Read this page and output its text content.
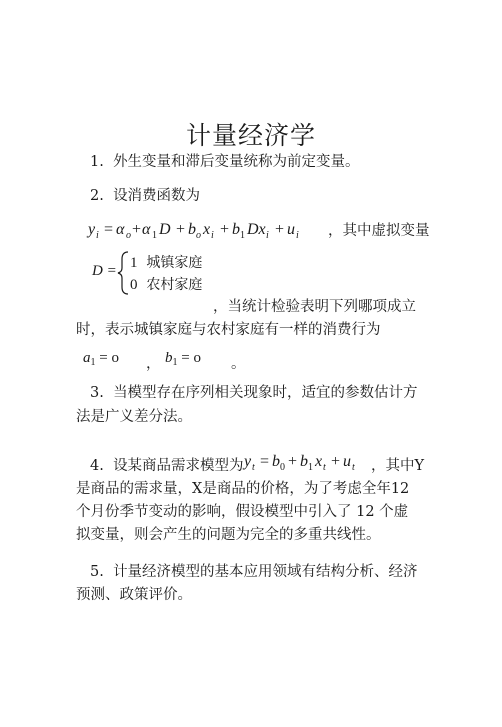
计量经济学
1. 外生变量和滞后变量统称为前定变量。
2. 设消费函数为
y i = α o + α 1 D + b o x i + b 1 Dx i + u i ，其中虚拟变量
D = 1 城镇家庭
0 农村家庭
，当统计检验表明下列哪项成立
时，表示城镇家庭与农村家庭有一样的消费行为
$a_1 = o$ ， $b_1 = o$ 。
3. 当模型存在序列相关现象时，适宜的参数估计方
法是广义差分法。
4. 设某商品需求模型为 y t = b 0 + b 1 x t + u t ，其中Y
是商品的需求量，X是商品的价格，为了考虑全年12
个月份季节变动的影响，假设模型中引入了 12 个虚
拟变量，则会产生的问题为完全的多重共线性。
5. 计量经济模型的基本应用领域有结构分析、经济
预测、政策评价。
